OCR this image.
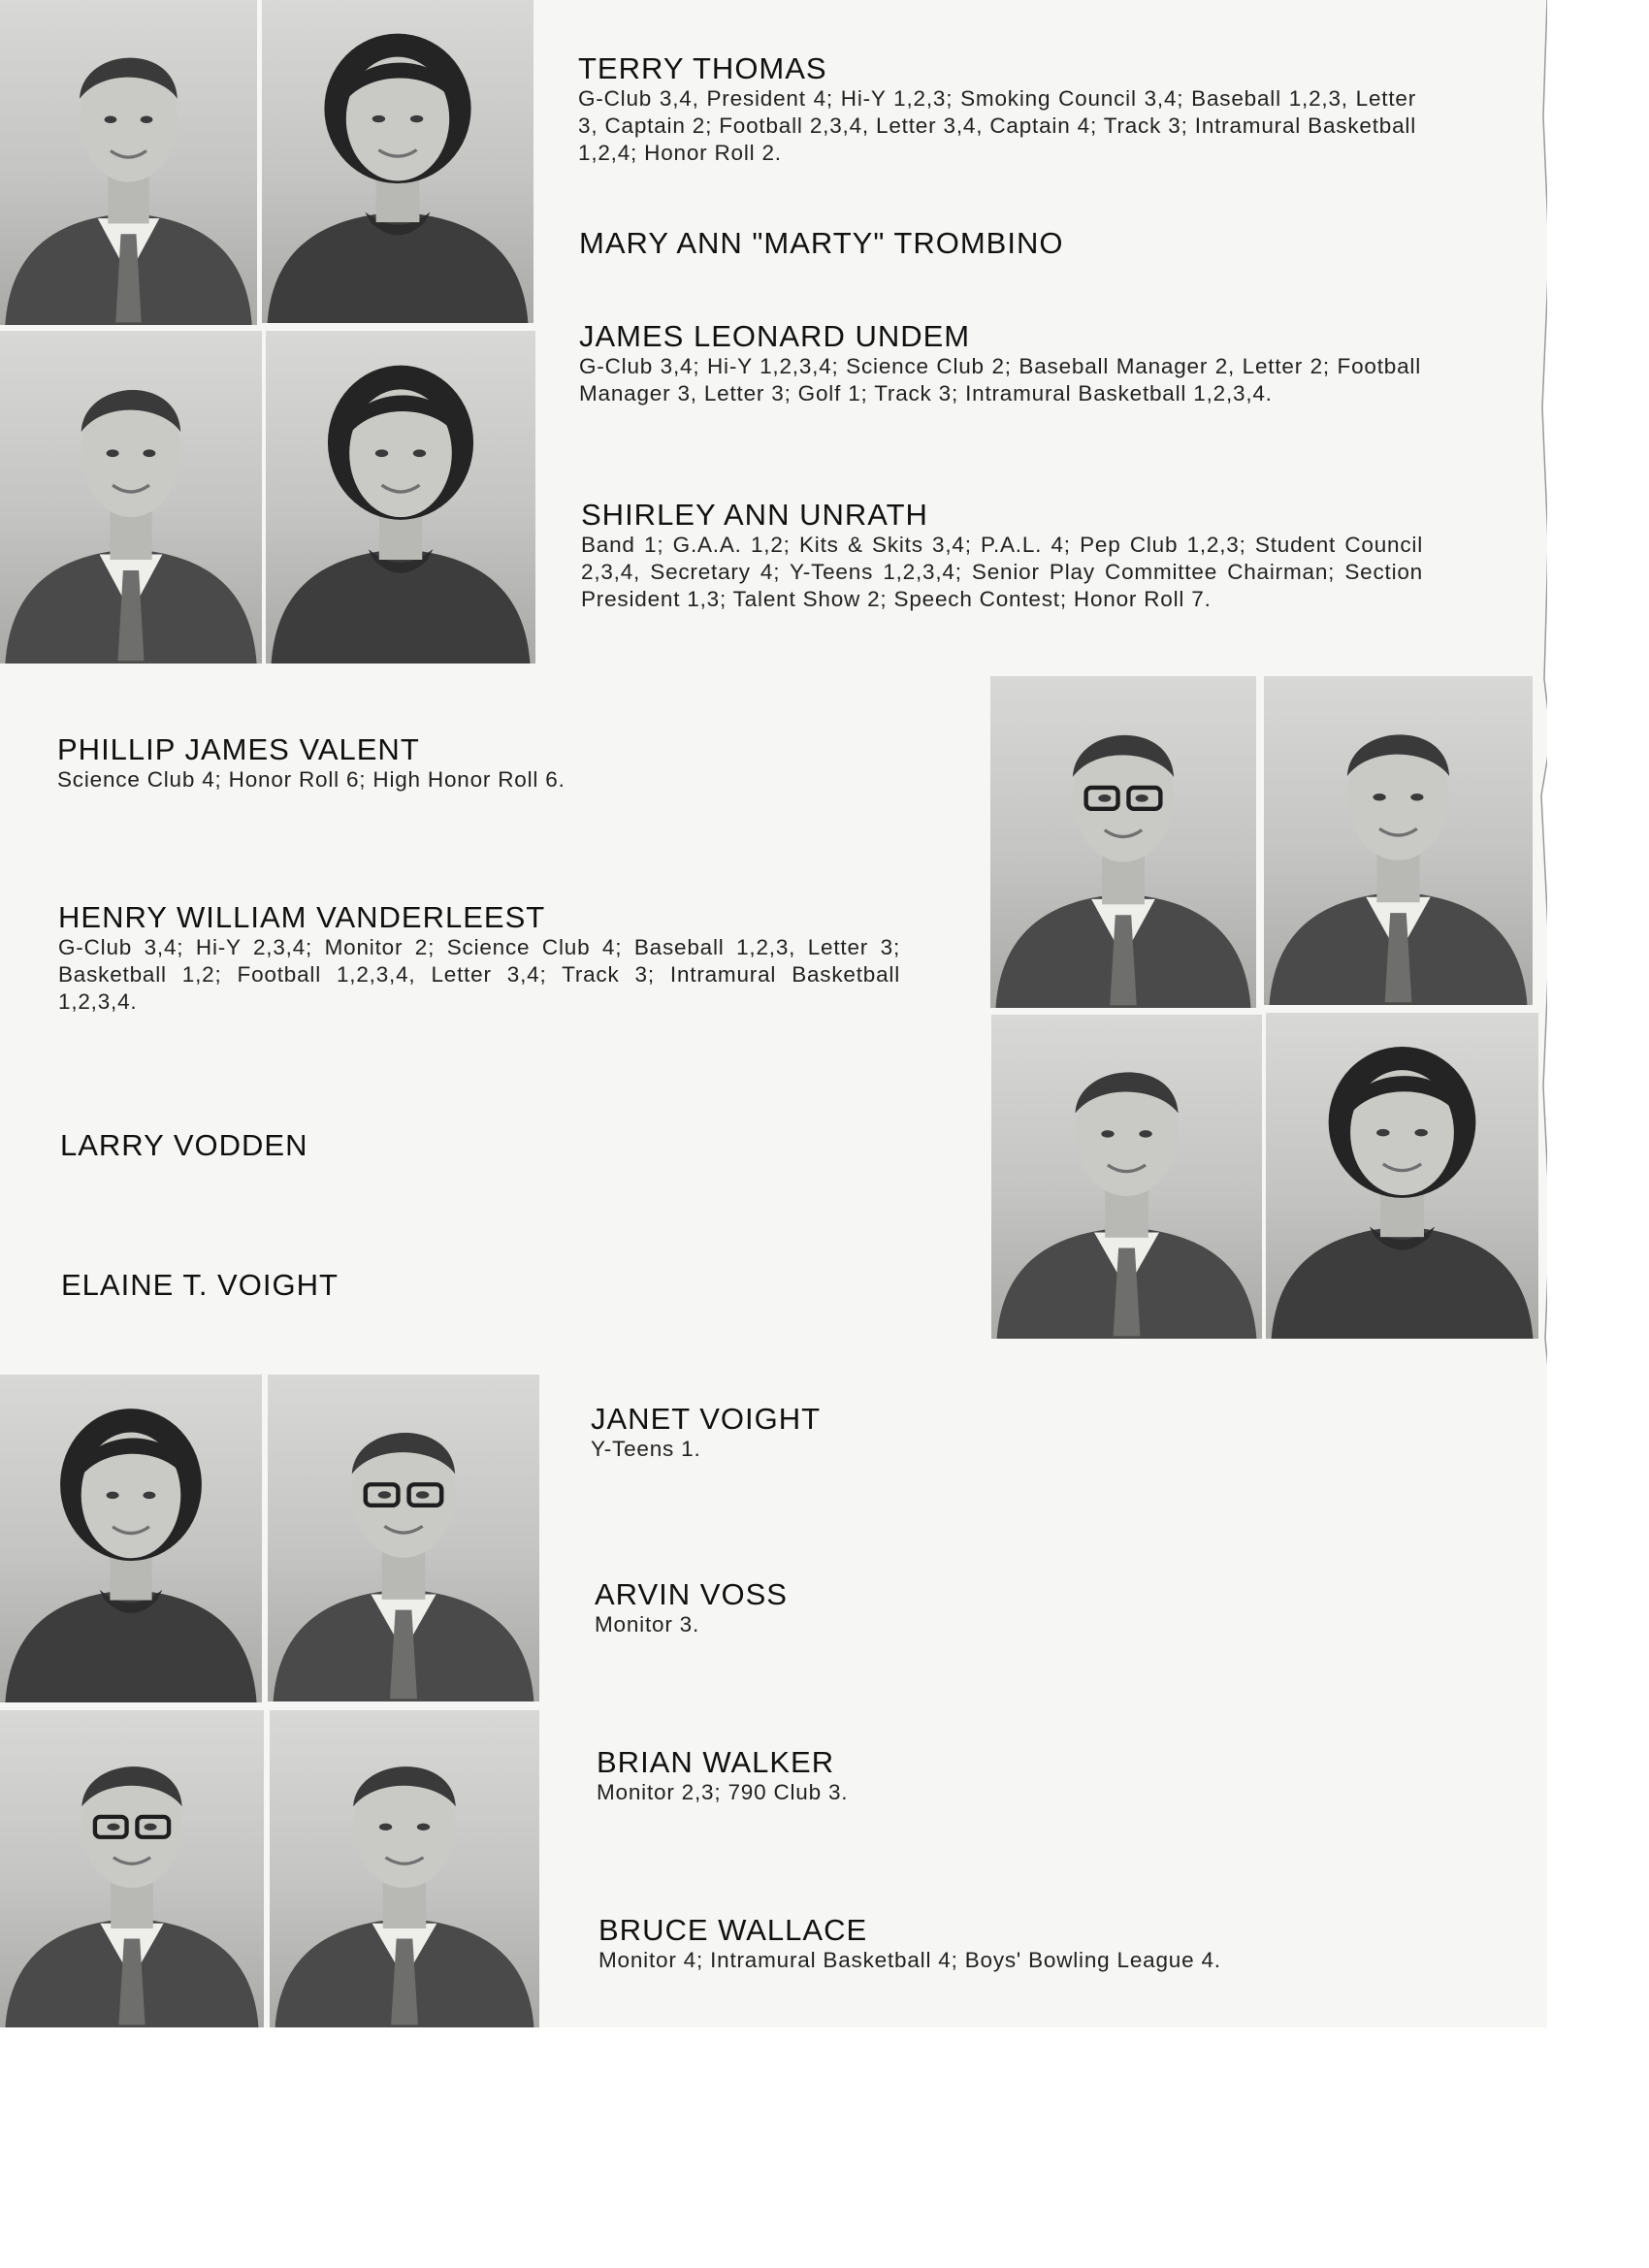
TERRY THOMAS
G-Club 3,4, President 4; Hi-Y 1,2,3; Smoking Council 3,4; Baseball 1,2,3, Letter 3, Captain 2; Football 2,3,4, Letter 3,4, Captain 4; Track 3; Intramural Basketball 1,2,4; Honor Roll 2.
MARY ANN "MARTY" TROMBINO
JAMES LEONARD UNDEM
G-Club 3,4; Hi-Y 1,2,3,4; Science Club 2; Baseball Manager 2, Letter 2; Football Manager 3, Letter 3; Golf 1; Track 3; Intramural Basketball 1,2,3,4.
SHIRLEY ANN UNRATH
Band 1; G.A.A. 1,2; Kits & Skits 3,4; P.A.L. 4; Pep Club 1,2,3; Student Council 2,3,4, Secretary 4; Y-Teens 1,2,3,4; Senior Play Committee Chairman; Section President 1,3; Talent Show 2; Speech Contest; Honor Roll 7.
PHILLIP JAMES VALENT
Science Club 4; Honor Roll 6; High Honor Roll 6.
HENRY WILLIAM VANDERLEEST
G-Club 3,4; Hi-Y 2,3,4; Monitor 2; Science Club 4; Baseball 1,2,3, Letter 3; Basketball 1,2; Football 1,2,3,4, Letter 3,4; Track 3; Intramural Basketball 1,2,3,4.
LARRY VODDEN
ELAINE T. VOIGHT
JANET VOIGHT
Y-Teens 1.
ARVIN VOSS
Monitor 3.
BRIAN WALKER
Monitor 2,3; 790 Club 3.
BRUCE WALLACE
Monitor 4; Intramural Basketball 4; Boys' Bowling League 4.
